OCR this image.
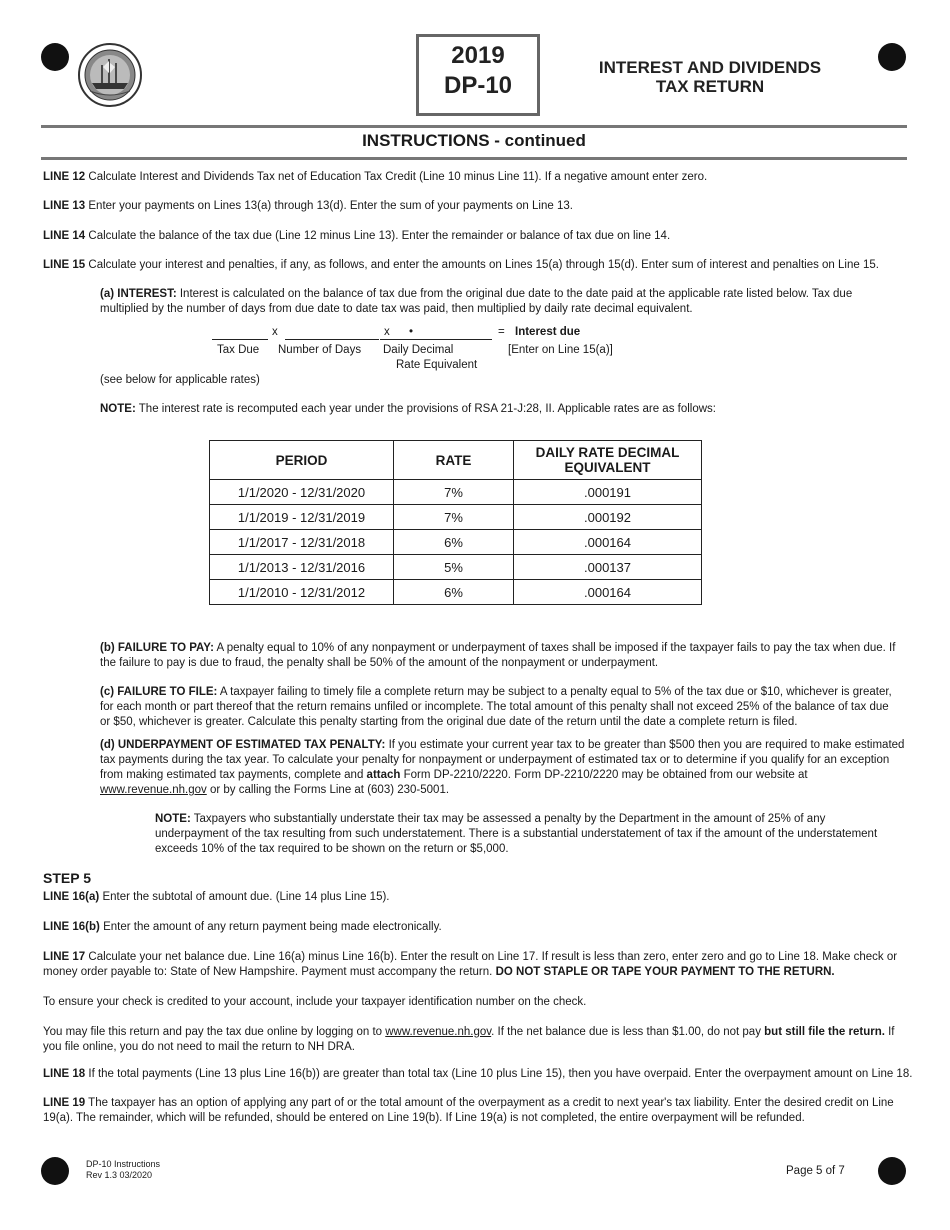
2019
DP-10
INTEREST AND DIVIDENDS
TAX RETURN
INSTRUCTIONS - continued
LINE 12 Calculate Interest and Dividends Tax net of Education Tax Credit (Line 10 minus Line 11). If a negative amount enter zero.
LINE 13 Enter your payments on Lines 13(a) through 13(d). Enter the sum of your payments on Line 13.
LINE 14 Calculate the balance of the tax due (Line 12 minus Line 13). Enter the remainder or balance of tax due on line 14.
LINE 15 Calculate your interest and penalties, if any, as follows, and enter the amounts on Lines 15(a) through 15(d). Enter sum of interest and penalties on Line 15.
(a) INTEREST: Interest is calculated on the balance of tax due from the original due date to the date paid at the applicable rate listed below. Tax due multiplied by the number of days from due date to date tax was paid, then multiplied by daily rate decimal equivalent.
x	x •	= Interest due
Tax Due Number of Days Daily Decimal
Rate Equivalent
[Enter on Line 15(a)]
(see below for applicable rates)
NOTE: The interest rate is recomputed each year under the provisions of RSA 21-J:28, II. Applicable rates are as follows:
PERIOD	RATE	DAILY RATE DECIMAL
EQUIVALENT
1/1/2020 - 12/31/2020	7%	.000191
1/1/2019 - 12/31/2019	7%	.000192
1/1/2017 - 12/31/2018	6%	.000164
1/1/2013 - 12/31/2016	5%	.000137
1/1/2010 - 12/31/2012	6%	.000164
(b) FAILURE TO PAY: A penalty equal to 10% of any nonpayment or underpayment of taxes shall be imposed if the taxpayer fails to pay the tax when due. If the failure to pay is due to fraud, the penalty shall be 50% of the amount of the nonpayment or underpayment.
(c) FAILURE TO FILE: A taxpayer failing to timely file a complete return may be subject to a penalty equal to 5% of the tax due or $10, whichever is greater, for each month or part thereof that the return remains unfiled or incomplete. The total amount of this penalty shall not exceed 25% of the balance of tax due or $50, whichever is greater. Calculate this penalty starting from the original due date of the return until the date a complete return is filed.
(d) UNDERPAYMENT OF ESTIMATED TAX PENALTY: If you estimate your current year tax to be greater than $500 then you are required to make estimated tax payments during the tax year. To calculate your penalty for nonpayment or underpayment of estimated tax or to determine if you qualify for an exception from making estimated tax payments, complete and attach Form DP-2210/2220. Form DP-2210/2220 may be obtained from our website at www.revenue.nh.gov or by calling the Forms Line at (603) 230-5001.
NOTE: Taxpayers who substantially understate their tax may be assessed a penalty by the Department in the amount of 25% of any underpayment of the tax resulting from such understatement. There is a substantial understatement of tax if the amount of the understatement exceeds 10% of the tax required to be shown on the return or $5,000.
STEP 5
LINE 16(a) Enter the subtotal of amount due. (Line 14 plus Line 15).
LINE 16(b) Enter the amount of any return payment being made electronically.
LINE 17 Calculate your net balance due. Line 16(a) minus Line 16(b). Enter the result on Line 17. If result is less than zero, enter zero and go to Line 18. Make check or money order payable to: State of New Hampshire. Payment must accompany the return. DO NOT STAPLE OR TAPE YOUR PAYMENT TO THE RETURN.
To ensure your check is credited to your account, include your taxpayer identification number on the check.
You may file this return and pay the tax due online by logging on to www.revenue.nh.gov. If the net balance due is less than $1.00, do not pay but still file the return. If you file online, you do not need to mail the return to NH DRA.
LINE 18 If the total payments (Line 13 plus Line 16(b)) are greater than total tax (Line 10 plus Line 15), then you have overpaid. Enter the overpayment amount on Line 18.
LINE 19 The taxpayer has an option of applying any part of or the total amount of the overpayment as a credit to next year's tax liability. Enter the desired credit on Line 19(a). The remainder, which will be refunded, should be entered on Line 19(b). If Line 19(a) is not completed, the entire overpayment will be refunded.
DP-10 Instructions
Rev 1.3 03/2020	Page 5 of 7
